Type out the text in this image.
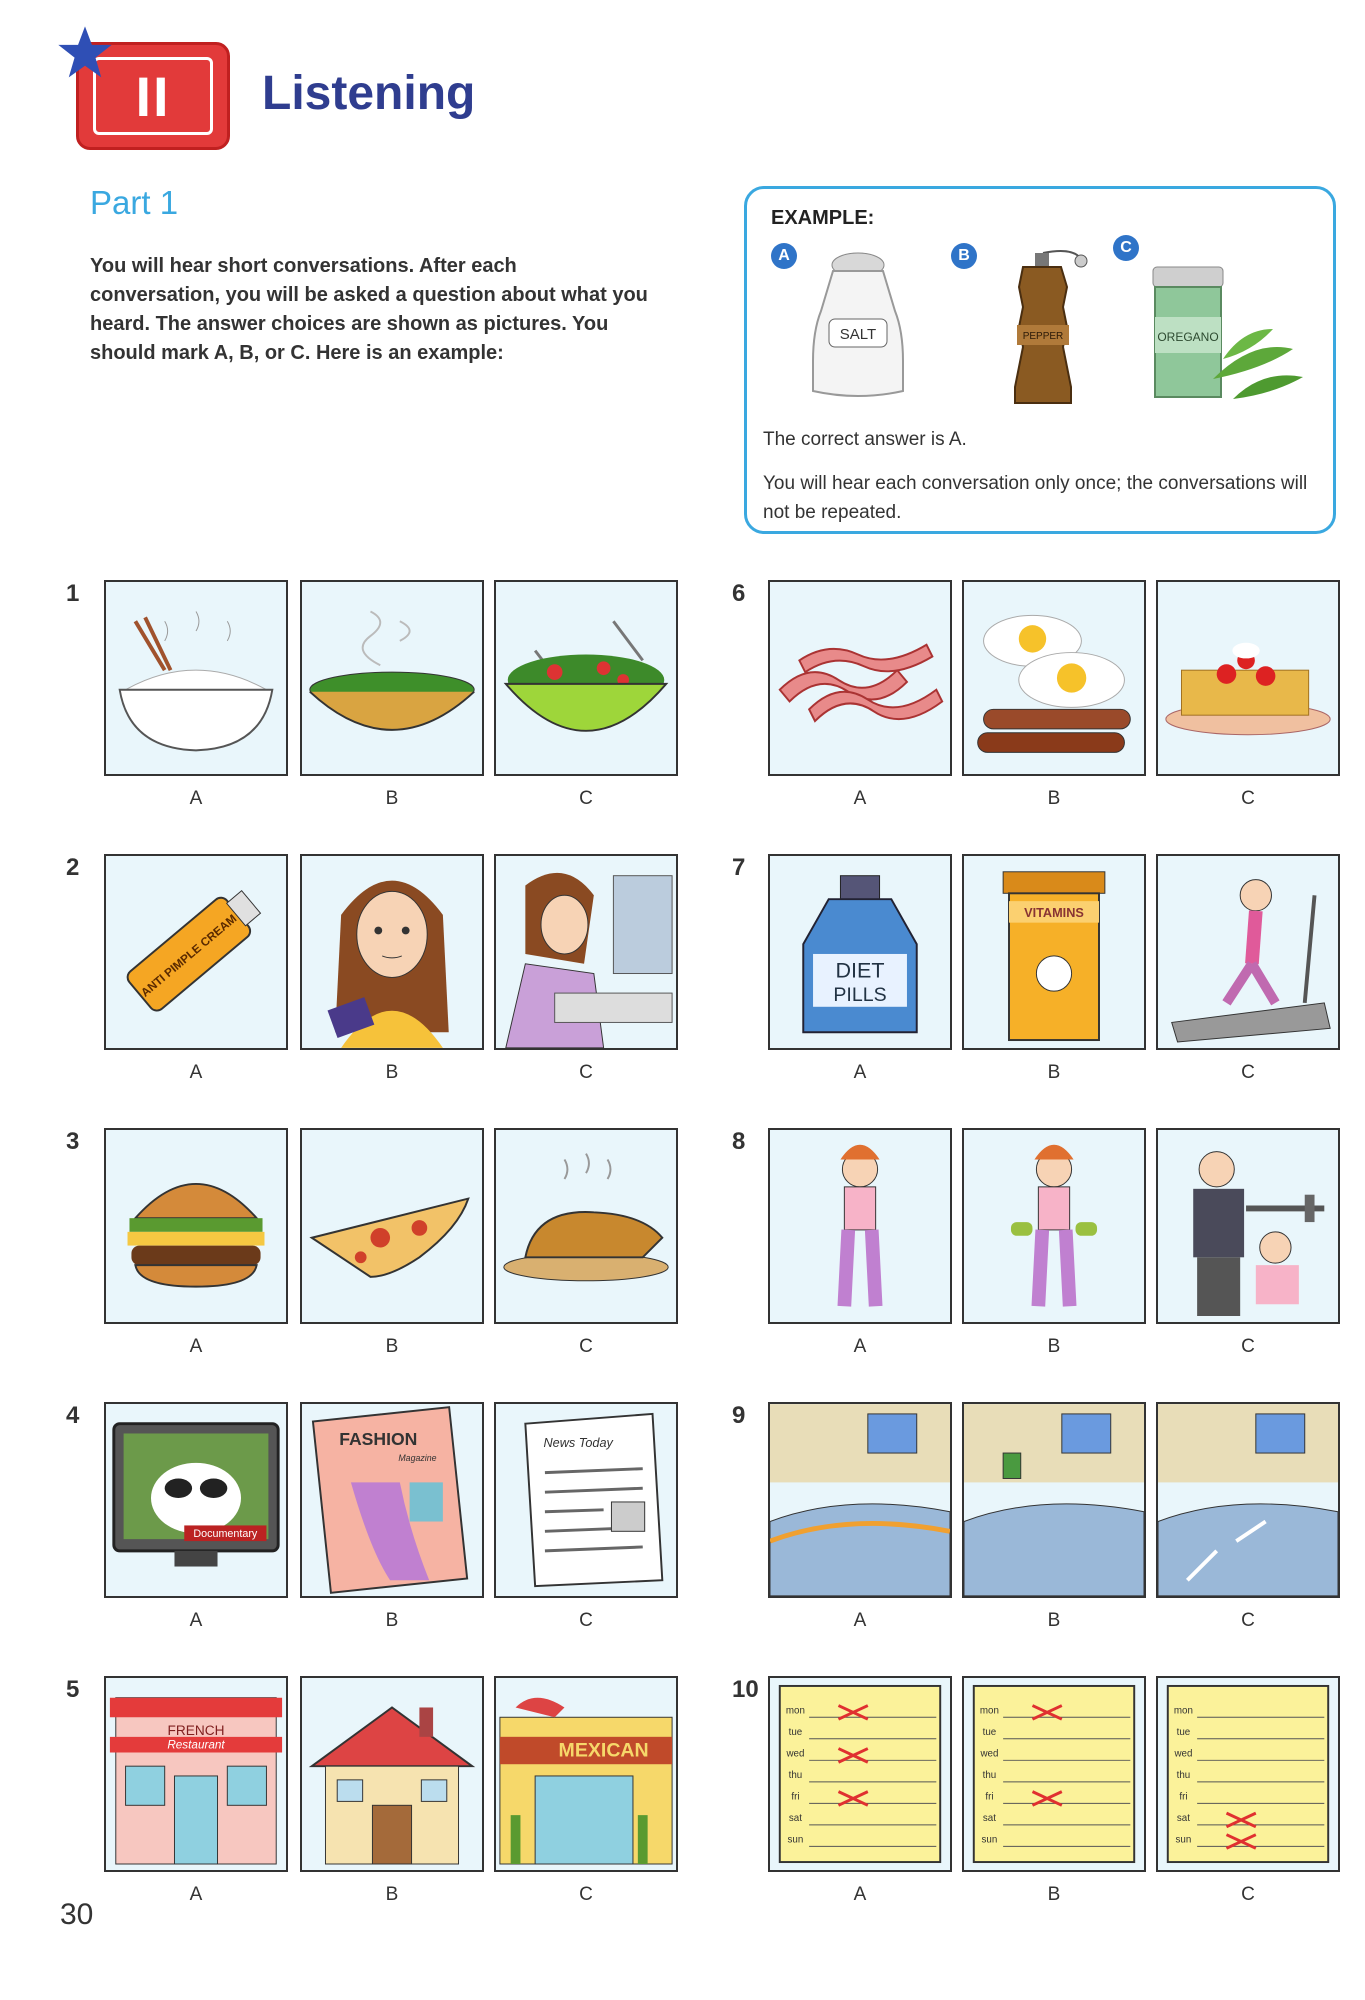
II	Listening
Part 1
You will hear short conversations. After each conversation, you will be asked a question about what you heard. The answer choices are shown as pictures. You should mark A, B, or C. Here is an example:
EXAMPLE:
A	B	C
SALT	PEPPER	OREGANO
The correct answer is A.
You will hear each conversation only once; the conversations will not be repeated.
1
A	B	C
2
ANTI PIMPLE CREAM
A	B	C
3
A	B	C
4
Documentary
A
FASHION
Magazine
B
News Today
C
5
FRENCH
Restaurant
A	B
MEXICAN
C
6
A	B	C
7
DIET
PILLS
A
VITAMINS
B	C
8
A	B	C
9
A	B	C
10
mon
tue
wed
thu
fri
sat
sun
A
mon
tue
wed
thu
fri
sat
sun
B
mon
tue
wed
thu
fri
sat
sun
C
30
